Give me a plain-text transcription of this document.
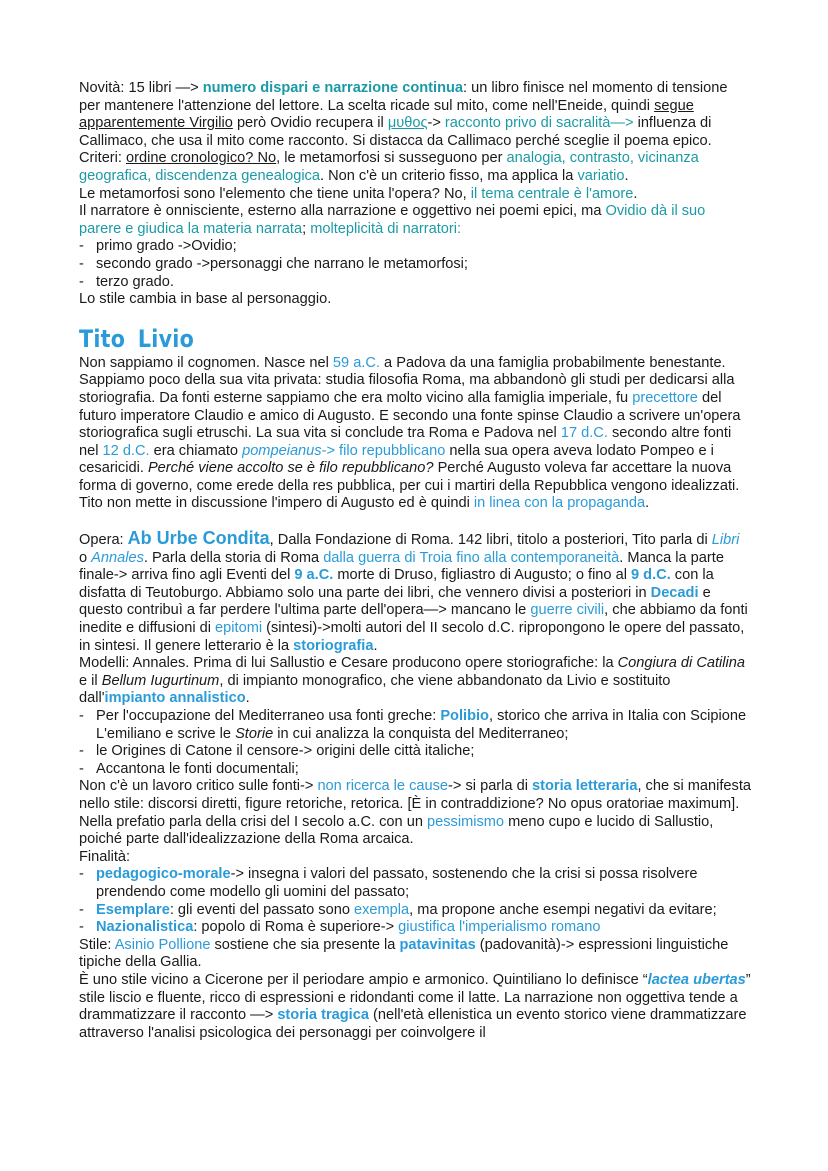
Novità: 15 libri —> numero dispari e narrazione continua: un libro finisce nel momento di tensione per mantenere l'attenzione del lettore. La scelta ricade sul mito, come nell'Eneide, quindi segue apparentemente Virgilio però Ovidio recupera il μυθος-> racconto privo di sacralità—> influenza di Callimaco, che usa il mito come racconto. Si distacca da Callimaco perché sceglie il poema epico.

Criteri: ordine cronologico? No, le metamorfosi si susseguono per analogia, contrasto, vicinanza geografica, discendenza genealogica. Non c'è un criterio fisso, ma applica la variatio.

Le metamorfosi sono l'elemento che tiene unita l'opera? No, il tema centrale è l'amore.

Il narratore è onnisciente, esterno alla narrazione e oggettivo nei poemi epici, ma Ovidio dà il suo parere e giudica la materia narrata; molteplicità di narratori:

- primo grado ->Ovidio;
- secondo grado ->personaggi che narrano le metamorfosi;
- terzo grado.

Lo stile cambia in base al personaggio.

Tito Livio

Non sappiamo il cognomen. Nasce nel 59 a.C. a Padova da una famiglia probabilmente benestante. Sappiamo poco della sua vita privata: studia filosofia Roma, ma abbandonò gli studi per dedicarsi alla storiografia. Da fonti esterne sappiamo che era molto vicino alla famiglia imperiale, fu precettore del futuro imperatore Claudio e amico di Augusto. E secondo una fonte spinse Claudio a scrivere un'opera storiografica sugli etruschi. La sua vita si conclude tra Roma e Padova nel 17 d.C. secondo altre fonti nel 12 d.C. era chiamato pompeianus-> filo repubblicano nella sua opera aveva lodato Pompeo e i cesaricidi. Perché viene accolto se è filo repubblicano? Perché Augusto voleva far accettare la nuova forma di governo, come erede della res pubblica, per cui i martiri della Repubblica vengono idealizzati. Tito non mette in discussione l'impero di Augusto ed è quindi in linea con la propaganda.

Opera: Ab Urbe Condita, Dalla Fondazione di Roma. 142 libri, titolo a posteriori, Tito parla di Libri o Annales. Parla della storia di Roma dalla guerra di Troia fino alla contemporaneità. Manca la parte finale-> arriva fino agli Eventi del 9 a.C. morte di Druso, figliastro di Augusto; o fino al 9 d.C. con la disfatta di Teutoburgo. Abbiamo solo una parte dei libri, che vennero divisi a posteriori in Decadi e questo contribuì a far perdere l'ultima parte dell'opera—> mancano le guerre civili, che abbiamo da fonti inedite e diffusioni di epitomi (sintesi)->molti autori del II secolo d.C. ripropongono le opere del passato, in sintesi. Il genere letterario è la storiografia.

Modelli: Annales. Prima di lui Sallustio e Cesare producono opere storiografiche: la Congiura di Catilina e il Bellum Iugurtinum, di impianto monografico, che viene abbandonato da Livio e sostituito dall'impianto annalistico.

- Per l'occupazione del Mediterraneo usa fonti greche: Polibio, storico che arriva in Italia con Scipione L'emiliano e scrive le Storie in cui analizza la conquista del Mediterraneo;
- le Origines di Catone il censore-> origini delle città italiche;
- Accantona le fonti documentali;

Non c'è un lavoro critico sulle fonti-> non ricerca le cause-> si parla di storia letteraria, che si manifesta nello stile: discorsi diretti, figure retoriche, retorica. [È in contraddizione? No opus oratoriae maximum].

Nella prefatio parla della crisi del I secolo a.C. con un pessimismo meno cupo e lucido di Sallustio, poiché parte dall'idealizzazione della Roma arcaica.

Finalità:

- pedagogico-morale-> insegna i valori del passato, sostenendo che la crisi si possa risolvere prendendo come modello gli uomini del passato;
- Esemplare: gli eventi del passato sono exempla, ma propone anche esempi negativi da evitare;
- Nazionalistica: popolo di Roma è superiore-> giustifica l'imperialismo romano

Stile: Asinio Pollione sostiene che sia presente la patavinitas (padovanità)-> espressioni linguistiche tipiche della Gallia.

È uno stile vicino a Cicerone per il periodare ampio e armonico. Quintiliano lo definisce “lactea ubertas” stile liscio e fluente, ricco di espressioni e ridondanti come il latte. La narrazione non oggettiva tende a drammatizzare il racconto —> storia tragica (nell'età ellenistica un evento storico viene drammatizzare attraverso l'analisi psicologica dei personaggi per coinvolgere il
